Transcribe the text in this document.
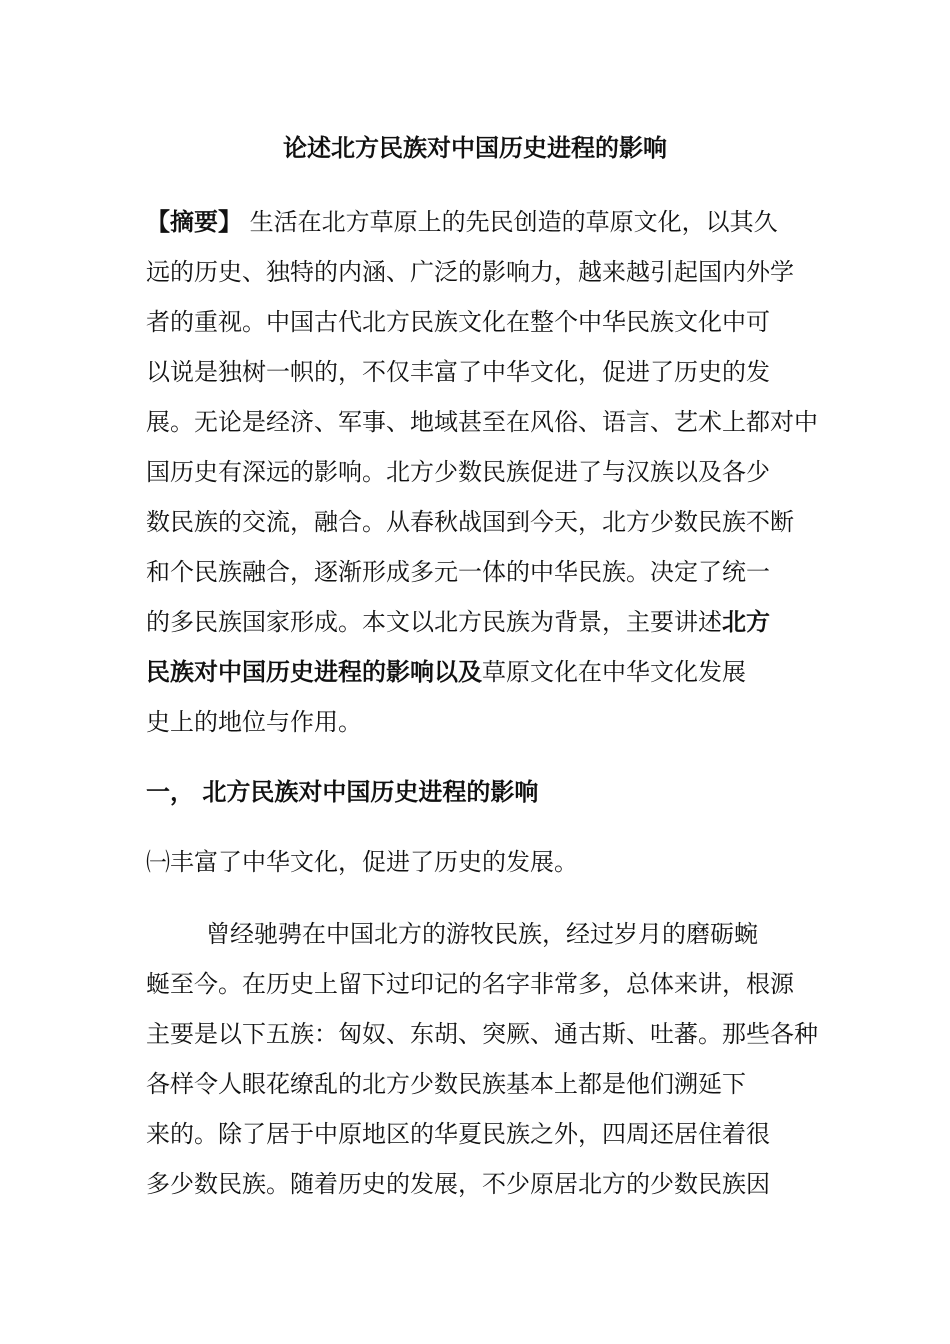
论述北方民族对中国历史进程的影响
【摘要】 生活在北方草原上的先民创造的草原文化，以其久
远的历史、独特的内涵、广泛的影响力，越来越引起国内外学
者的重视。中国古代北方民族文化在整个中华民族文化中可
以说是独树一帜的，不仅丰富了中华文化，促进了历史的发
展。无论是经济、军事、地域甚至在风俗、语言、艺术上都对中
国历史有深远的影响。北方少数民族促进了与汉族以及各少
数民族的交流，融合。从春秋战国到今天，北方少数民族不断
和个民族融合，逐渐形成多元一体的中华民族。决定了统一
的多民族国家形成。本文以北方民族为背景，主要讲述北方
民族对中国历史进程的影响以及草原文化在中华文化发展
史上的地位与作用。
一， 北方民族对中国历史进程的影响
㈠丰富了中华文化，促进了历史的发展。
曾经驰骋在中国北方的游牧民族，经过岁月的磨砺蜿
蜒至今。在历史上留下过印记的名字非常多，总体来讲，根源
主要是以下五族：匈奴、东胡、突厥、通古斯、吐蕃。那些各种
各样令人眼花缭乱的北方少数民族基本上都是他们溯延下
来的。除了居于中原地区的华夏民族之外，四周还居住着很
多少数民族。随着历史的发展，不少原居北方的少数民族因
